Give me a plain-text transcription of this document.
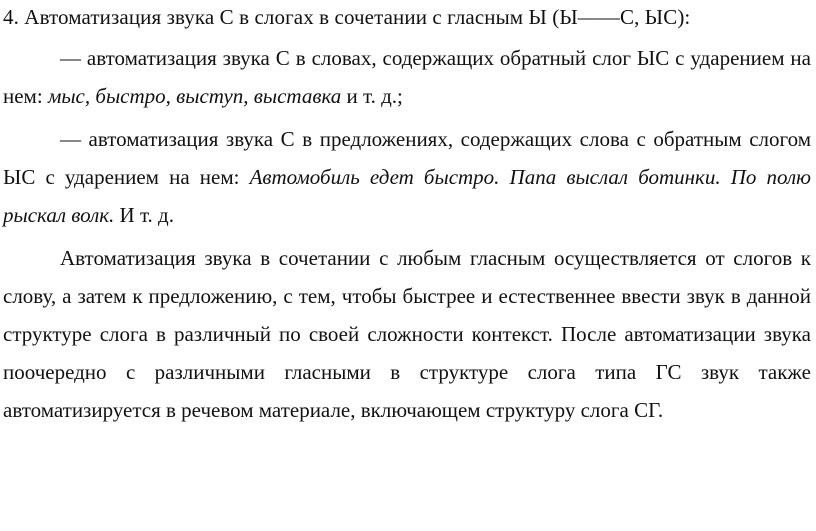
4. Автоматизация звука С в слогах в сочетании с гласным Ы (Ы——С, ЫС):

— автоматизация звука С в словах, содержащих обратный слог ЫС с ударением на нем: мыс, быстро, выступ, выставка и т. д.;

— автоматизация звука С в предложениях, содержащих слова с обратным слогом ЫС с ударением на нем: Автомобиль едет быстро. Папа выслал ботинки. По полю рыскал волк. И т. д.

Автоматизация звука в сочетании с любым гласным осуществляется от слогов к слову, а затем к предложению, с тем, чтобы быстрее и естественнее ввести звук в данной структуре слога в различный по своей сложности контекст. После автоматизации звука поочередно с различными гласными в структуре слога типа ГС звук также автоматизируется в речевом материале, включающем структуру слога СГ.
